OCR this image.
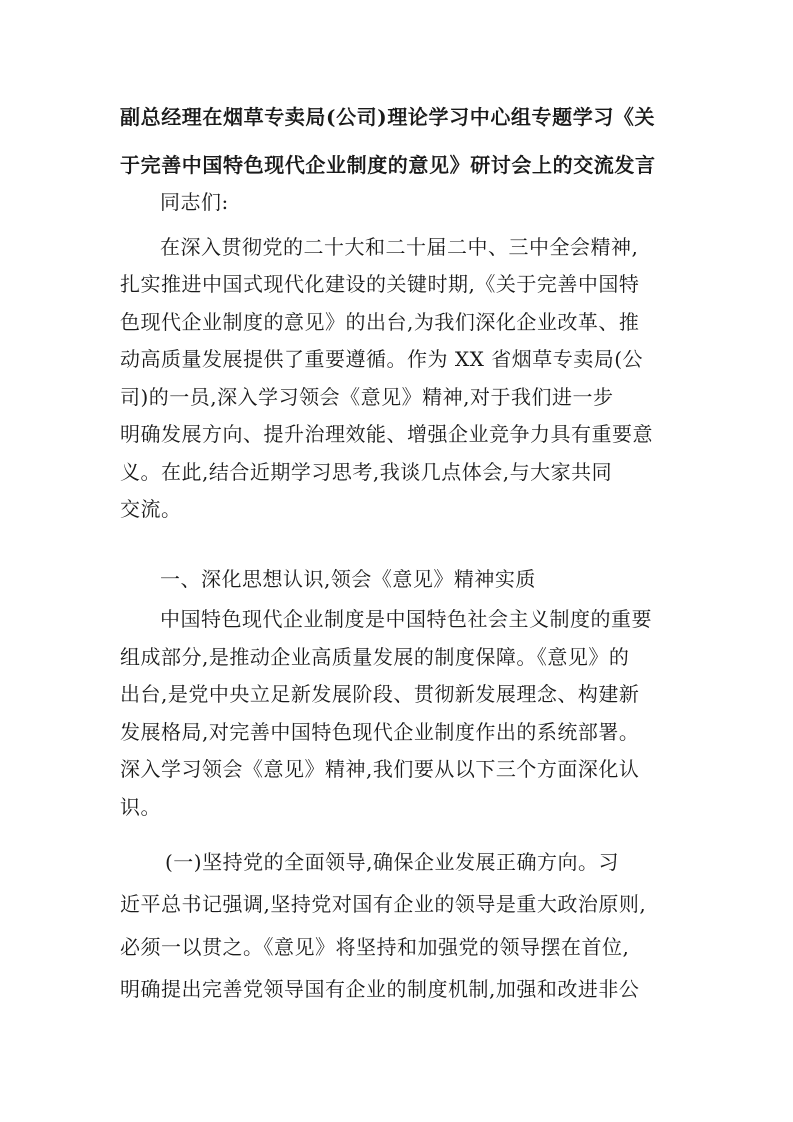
副总经理在烟草专卖局(公司)理论学习中心组专题学习《关
于完善中国特色现代企业制度的意见》研讨会上的交流发言
同志们:
在深入贯彻党的二十大和二十届二中、三中全会精神,
扎实推进中国式现代化建设的关键时期,《关于完善中国特
色现代企业制度的意见》的出台,为我们深化企业改革、推
动高质量发展提供了重要遵循。作为 XX 省烟草专卖局(公
司)的一员,深入学习领会《意见》精神,对于我们进一步
明确发展方向、提升治理效能、增强企业竞争力具有重要意
义。在此,结合近期学习思考,我谈几点体会,与大家共同
交流。
一、深化思想认识,领会《意见》精神实质
中国特色现代企业制度是中国特色社会主义制度的重要
组成部分,是推动企业高质量发展的制度保障。《意见》的
出台,是党中央立足新发展阶段、贯彻新发展理念、构建新
发展格局,对完善中国特色现代企业制度作出的系统部署。
深入学习领会《意见》精神,我们要从以下三个方面深化认
识。
(一)坚持党的全面领导,确保企业发展正确方向。习
近平总书记强调,坚持党对国有企业的领导是重大政治原则,
必须一以贯之。《意见》将坚持和加强党的领导摆在首位,
明确提出完善党领导国有企业的制度机制,加强和改进非公
